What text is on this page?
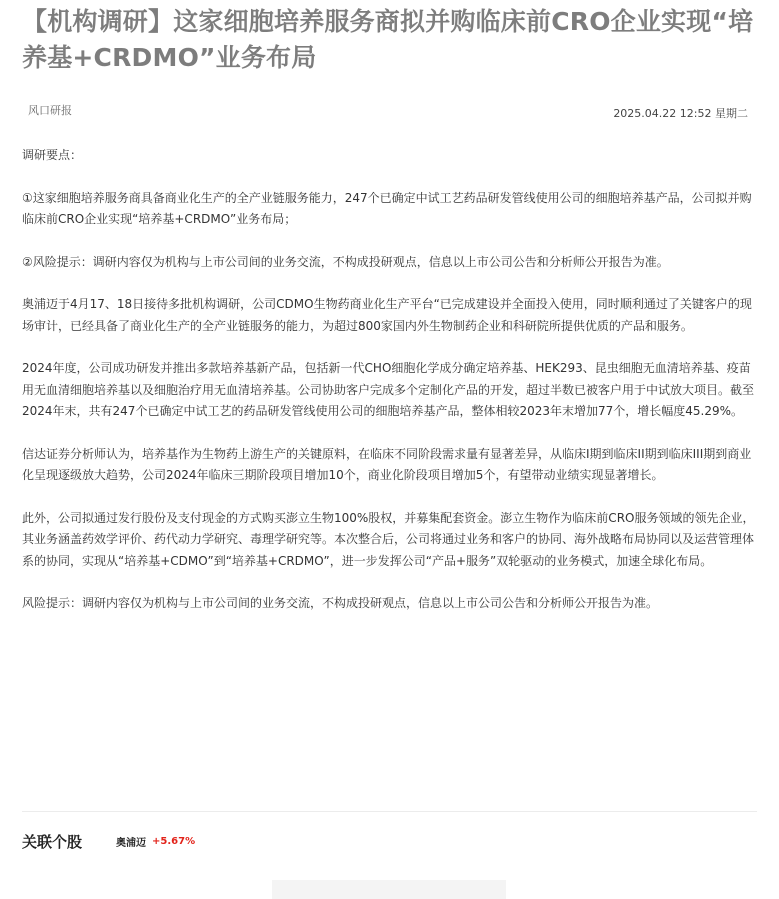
【机构调研】这家细胞培养服务商拟并购临床前CRO企业实现“培养基+CRDMO”业务布局
风口研报	2025.04.22 12:52 星期二

调研要点：

①这家细胞培养服务商具备商业化生产的全产业链服务能力，247个已确定中试工艺药品研发管线使用公司的细胞培养基产品，公司拟并购临床前CRO企业实现“培养基+CRDMO”业务布局；

②风险提示：调研内容仅为机构与上市公司间的业务交流，不构成投研观点，信息以上市公司公告和分析师公开报告为准。

奥浦迈于4月17、18日接待多批机构调研，公司CDMO生物药商业化生产平台“已完成建设并全面投入使用，同时顺利通过了关键客户的现场审计，已经具备了商业化生产的全产业链服务的能力，为超过800家国内外生物制药企业和科研院所提供优质的产品和服务。

2024年度，公司成功研发并推出多款培养基新产品，包括新一代CHO细胞化学成分确定培养基、HEK293、昆虫细胞无血清培养基、疫苗用无血清细胞培养基以及细胞治疗用无血清培养基。公司协助客户完成多个定制化产品的开发，超过半数已被客户用于中试放大项目。截至2024年末，共有247个已确定中试工艺的药品研发管线使用公司的细胞培养基产品，整体相较2023年末增加77个，增长幅度45.29%。

信达证券分析师认为，培养基作为生物药上游生产的关键原料，在临床不同阶段需求量有显著差异，从临床I期到临床II期到临床III期到商业化呈现逐级放大趋势，公司2024年临床三期阶段项目增加10个，商业化阶段项目增加5个，有望带动业绩实现显著增长。

此外，公司拟通过发行股份及支付现金的方式购买澎立生物100%股权，并募集配套资金。澎立生物作为临床前CRO服务领域的领先企业，其业务涵盖药效学评价、药代动力学研究、毒理学研究等。本次整合后，公司将通过业务和客户的协同、海外战略布局协同以及运营管理体系的协同，实现从“培养基+CDMO”到“培养基+CRDMO”，进一步发挥公司“产品+服务”双轮驱动的业务模式，加速全球化布局。

风险提示：调研内容仅为机构与上市公司间的业务交流，不构成投研观点，信息以上市公司公告和分析师公开报告为准。

关联个股	奥浦迈 +5.67%
